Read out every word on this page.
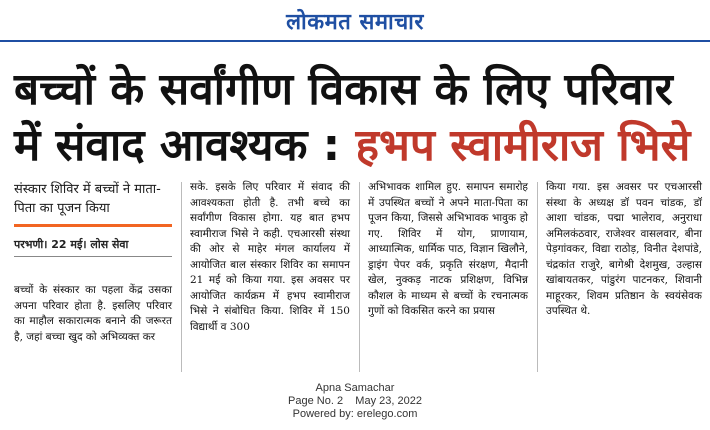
लोकमत समाचार
बच्चों के सर्वांगीण विकास के लिए परिवार
में संवाद आवश्यक : हभप स्वामीराज भिसे
संस्कार शिविर में बच्चों ने माता-पिता का पूजन किया
परभणी। 22 मई। लोस सेवा

बच्चों के संस्कार का पहला केंद्र उसका अपना परिवार होता है. इसलिए परिवार का माहौल सकारात्मक बनाने की जरूरत है, जहां बच्चा खुद को अभिव्यक्त कर

सके. इसके लिए परिवार में संवाद की आवश्यकता होती है. तभी बच्चे का सर्वांगीण विकास होगा. यह बात हभप स्वामीराज भिसे ने कही. एचआरसी संस्था की ओर से माहेर मंगल कार्यालय में आयोजित बाल संस्कार शिविर का समापन 21 मई को किया गया. इस अवसर पर आयोजित कार्यक्रम में हभप स्वामीराज भिसे ने संबोधित किया. शिविर में 150 विद्यार्थी व 300

अभिभावक शामिल हुए. समापन समारोह में उपस्थित बच्चों ने अपने माता-पिता का पूजन किया, जिससे अभिभावक भावुक हो गए. शिविर में योग, प्राणायाम, आध्यात्मिक, धार्मिक पाठ, विज्ञान खिलौने, ड्राइंग पेपर वर्क, प्रकृति संरक्षण, मैदानी खेल, नुक्कड़ नाटक प्रशिक्षण, विभिन्न कौशल के माध्यम से बच्चों के रचनात्मक गुणों को विकसित करने का प्रयास

किया गया. इस अवसर पर एचआरसी संस्था के अध्यक्ष डॉ पवन चांडक, डॉ आशा चांडक, पद्मा भालेराव, अनुराधा अमिलकंठवार, राजेश्वर वासलवार, बीना पेड़गांवकर, विद्या राठोड़, विनीत देशपांडे, चंद्रकांत राजुरे, बागेश्री देशमुख, उल्हास खांबायतकर, पांडुरंग पाटनकर, शिवानी माहूरकर, शिवम प्रतिष्ठान के स्वयंसेवक उपस्थित थे.

Apna Samachar
Page No. 2    May 23, 2022
Powered by: erelego.com
